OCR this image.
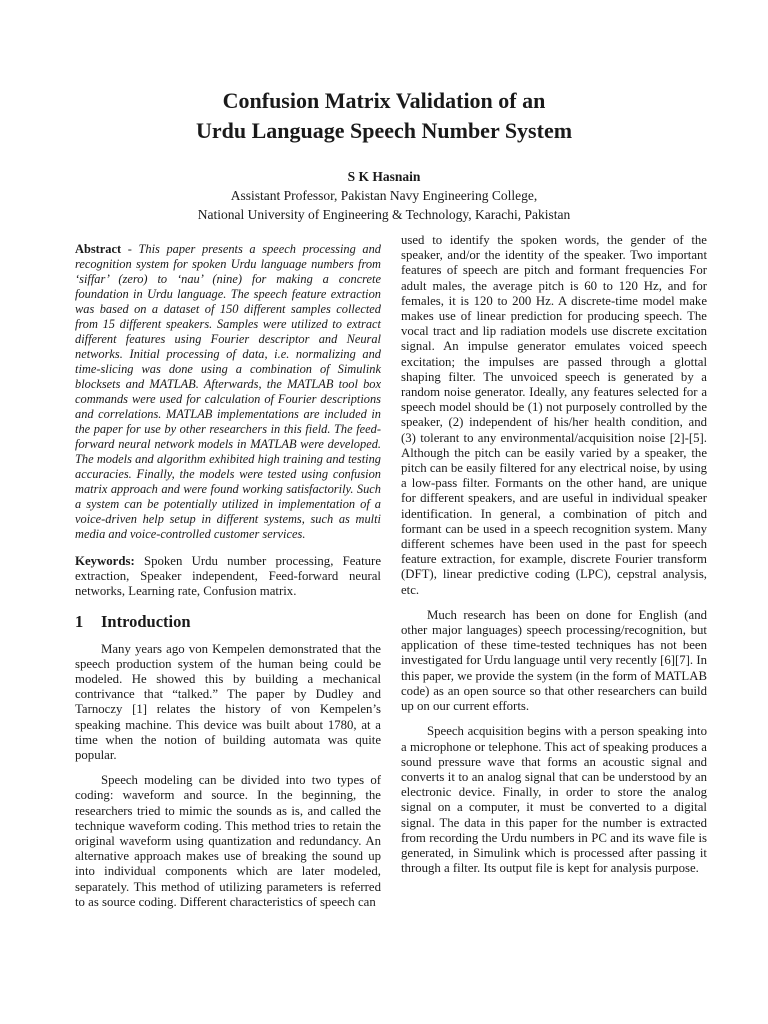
Confusion Matrix Validation of an
Urdu Language Speech Number System
S K Hasnain
Assistant Professor, Pakistan Navy Engineering College,
National University of Engineering & Technology, Karachi, Pakistan

Abstract - This paper presents a speech processing and recognition system for spoken Urdu language numbers from ‘siffar’ (zero) to ‘nau’ (nine) for making a concrete foundation in Urdu language. The speech feature extraction was based on a dataset of 150 different samples collected from 15 different speakers. Samples were utilized to extract different features using Fourier descriptor and Neural networks. Initial processing of data, i.e. normalizing and time-slicing was done using a combination of Simulink blocksets and MATLAB. Afterwards, the MATLAB tool box commands were used for calculation of Fourier descriptions and correlations. MATLAB implementations are included in the paper for use by other researchers in this field. The feed-forward neural network models in MATLAB were developed. The models and algorithm exhibited high training and testing accuracies. Finally, the models were tested using confusion matrix approach and were found working satisfactorily. Such a system can be potentially utilized in implementation of a voice-driven help setup in different systems, such as multi media and voice-controlled customer services.

Keywords: Spoken Urdu number processing, Feature extraction, Speaker independent, Feed-forward neural networks, Learning rate, Confusion matrix.

1 Introduction

Many years ago von Kempelen demonstrated that the speech production system of the human being could be modeled. He showed this by building a mechanical contrivance that “talked.” The paper by Dudley and Tarnoczy [1] relates the history of von Kempelen’s speaking machine. This device was built about 1780, at a time when the notion of building automata was quite popular.

Speech modeling can be divided into two types of coding: waveform and source. In the beginning, the researchers tried to mimic the sounds as is, and called the technique waveform coding. This method tries to retain the original waveform using quantization and redundancy. An alternative approach makes use of breaking the sound up into individual components which are later modeled, separately. This method of utilizing parameters is referred to as source coding. Different characteristics of speech can

used to identify the spoken words, the gender of the speaker, and/or the identity of the speaker. Two important features of speech are pitch and formant frequencies For adult males, the average pitch is 60 to 120 Hz, and for females, it is 120 to 200 Hz. A discrete-time model make makes use of linear prediction for producing speech. The vocal tract and lip radiation models use discrete excitation signal. An impulse generator emulates voiced speech excitation; the impulses are passed through a glottal shaping filter. The unvoiced speech is generated by a random noise generator. Ideally, any features selected for a speech model should be (1) not purposely controlled by the speaker, (2) independent of his/her health condition, and (3) tolerant to any environmental/acquisition noise [2]-[5]. Although the pitch can be easily varied by a speaker, the pitch can be easily filtered for any electrical noise, by using a low-pass filter. Formants on the other hand, are unique for different speakers, and are useful in individual speaker identification. In general, a combination of pitch and formant can be used in a speech recognition system. Many different schemes have been used in the past for speech feature extraction, for example, discrete Fourier transform (DFT), linear predictive coding (LPC), cepstral analysis, etc.

Much research has been on done for English (and other major languages) speech processing/recognition, but application of these time-tested techniques has not been investigated for Urdu language until very recently [6][7]. In this paper, we provide the system (in the form of MATLAB code) as an open source so that other researchers can build up on our current efforts.

Speech acquisition begins with a person speaking into a microphone or telephone. This act of speaking produces a sound pressure wave that forms an acoustic signal and converts it to an analog signal that can be understood by an electronic device. Finally, in order to store the analog signal on a computer, it must be converted to a digital signal. The data in this paper for the number is extracted from recording the Urdu numbers in PC and its wave file is generated, in Simulink which is processed after passing it through a filter. Its output file is kept for analysis purpose.
